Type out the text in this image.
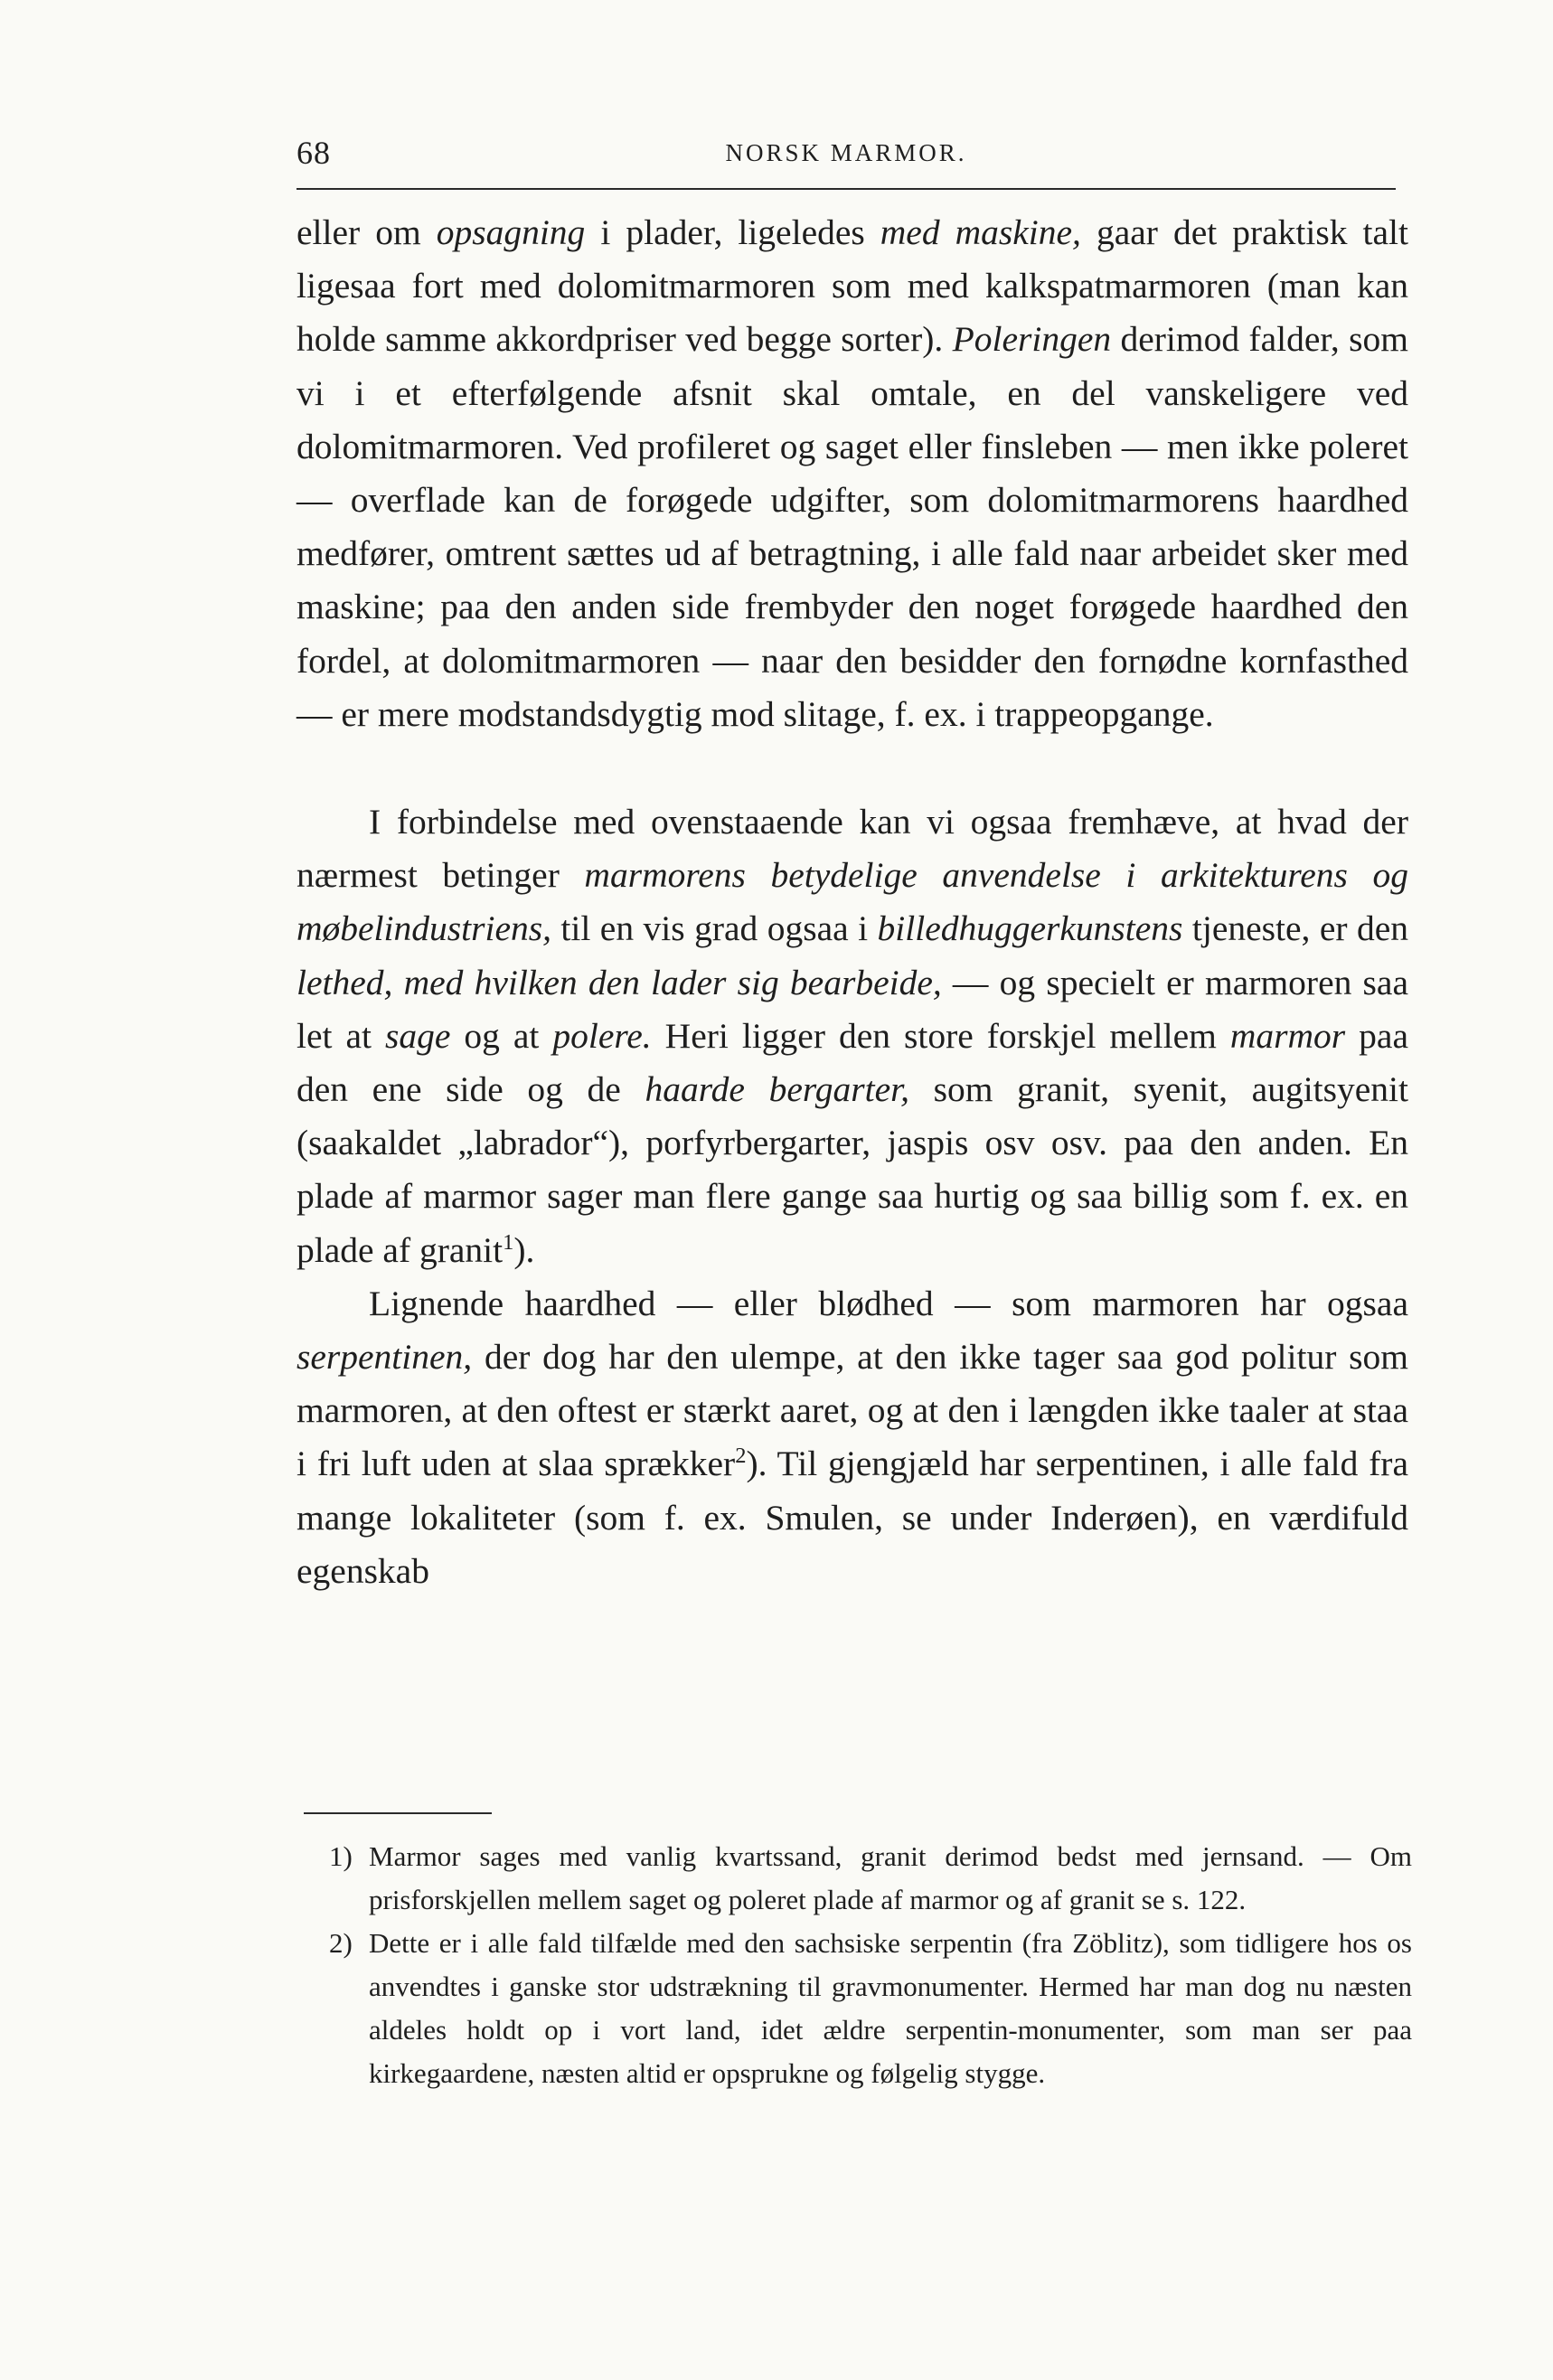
68	NORSK MARMOR.

eller om opsagning i plader, ligeledes med maskine, gaar det praktisk talt ligesaa fort med dolomitmarmoren som med kalkspatmarmoren (man kan holde samme akkordpriser ved begge sorter). Poleringen derimod falder, som vi i et efterfølgende afsnit skal omtale, en del vanskeligere ved dolomitmarmoren. Ved profileret og saget eller finsleben — men ikke poleret — overflade kan de forøgede udgifter, som dolomitmarmorens haardhed medfører, omtrent sættes ud af betragtning, i alle fald naar arbeidet sker med maskine; paa den anden side frembyder den noget forøgede haardhed den fordel, at dolomitmarmoren — naar den besidder den fornødne kornfasthed — er mere modstandsdygtig mod slitage, f. ex. i trappeopgange.

I forbindelse med ovenstaaende kan vi ogsaa fremhæve, at hvad der nærmest betinger marmorens betydelige anvendelse i arkitekturens og møbelindustriens, til en vis grad ogsaa i billedhuggerkunstens tjeneste, er den lethed, med hvilken den lader sig bearbeide, — og specielt er marmoren saa let at sage og at polere. Heri ligger den store forskjel mellem marmor paa den ene side og de haarde bergarter, som granit, syenit, augitsyenit (saakaldet „labrador“), porfyrbergarter, jaspis osv osv. paa den anden. En plade af marmor sager man flere gange saa hurtig og saa billig som f. ex. en plade af granit$^1$).

Lignende haardhed — eller blødhed — som marmoren har ogsaa serpentinen, der dog har den ulempe, at den ikke tager saa god politur som marmoren, at den oftest er stærkt aaret, og at den i længden ikke taaler at staa i fri luft uden at slaa sprækker$^2$). Til gjengjæld har serpentinen, i alle fald fra mange lokaliteter (som f. ex. Smulen, se under Inderøen), en værdifuld egenskab

1) Marmor sages med vanlig kvartssand, granit derimod bedst med jernsand. — Om prisforskjellen mellem saget og poleret plade af marmor og af granit se s. 122.

2) Dette er i alle fald tilfælde med den sachsiske serpentin (fra Zöblitz), som tidligere hos os anvendtes i ganske stor udstrækning til gravmonumenter. Hermed har man dog nu næsten aldeles holdt op i vort land, idet ældre serpentin-monumenter, som man ser paa kirkegaardene, næsten altid er opsprukne og følgelig stygge.
